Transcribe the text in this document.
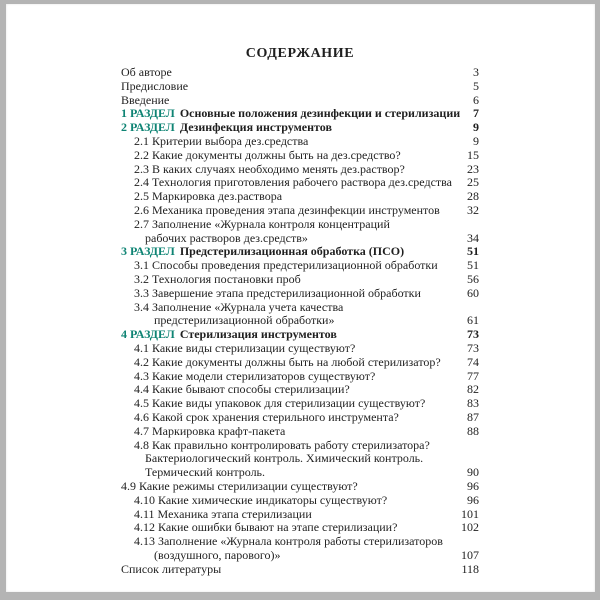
СОДЕРЖАНИЕ
Об авторе	3
Предисловие	5
Введение	6
1 РАЗДЕЛ Основные положения дезинфекции и стерилизации	7
2 РАЗДЕЛ Дезинфекция инструментов	9
2.1 Критерии выбора дез.средства	9
2.2 Какие документы должны быть на дез.средство?	15
2.3 В каких случаях необходимо менять дез.раствор?	23
2.4 Технология приготовления рабочего раствора дез.средства	25
2.5 Маркировка дез.раствора	28
2.6 Механика проведения этапа дезинфекции инструментов	32
2.7 Заполнение «Журнала контроля концентраций
рабочих растворов дез.средств»	34
3 РАЗДЕЛ Предстерилизационная обработка (ПСО)	51
3.1 Способы проведения предстерилизационной обработки	51
3.2 Технология постановки проб	56
3.3 Завершение этапа предстерилизационной обработки	60
3.4 Заполнение «Журнала учета качества
предстерилизационной обработки»	61
4 РАЗДЕЛ Стерилизация инструментов	73
4.1 Какие виды стерилизации существуют?	73
4.2 Какие документы должны быть на любой стерилизатор?	74
4.3 Какие модели стерилизаторов существуют?	77
4.4 Какие бывают способы стерилизации?	82
4.5 Какие виды упаковок для стерилизации существуют?	83
4.6 Какой срок хранения стерильного инструмента?	87
4.7 Маркировка крафт-пакета	88
4.8 Как правильно контролировать работу стерилизатора?
Бактериологический контроль. Химический контроль.
Термический контроль.	90
4.9 Какие режимы стерилизации существуют?	96
4.10 Какие химические индикаторы существуют?	96
4.11 Механика этапа стерилизации	101
4.12 Какие ошибки бывают на этапе стерилизации?	102
4.13 Заполнение «Журнала контроля работы стерилизаторов
(воздушного, парового)»	107
Список литературы	118
